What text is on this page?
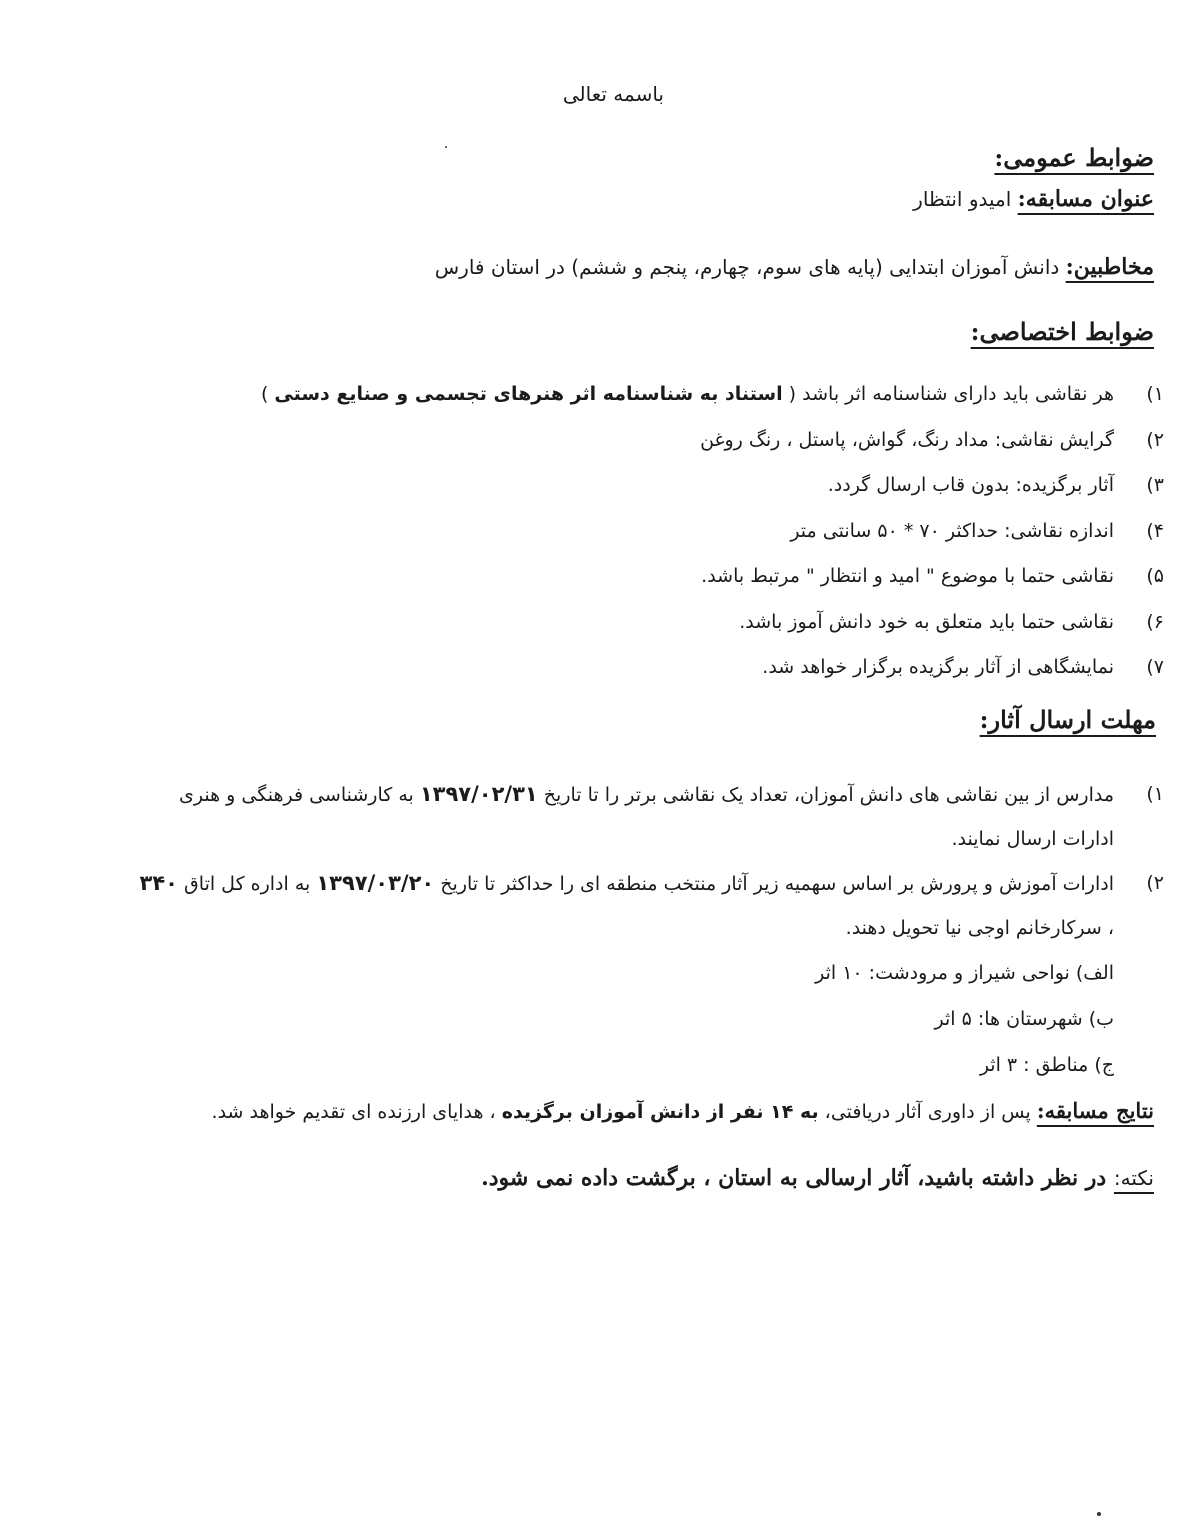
باسمه تعالی
ضوابط عمومی:
عنوان مسابقه: امیدو انتظار
مخاطبین: دانش آموزان ابتدایی (پایه های سوم، چهارم، پنجم و ششم) در استان فارس
ضوابط اختصاصی:
۱)
هر نقاشی باید دارای شناسنامه اثر باشد ( استناد به شناسنامه اثر هنرهای تجسمی و صنایع دستی )
۲)
گرایش نقاشی: مداد رنگ، گواش، پاستل ، رنگ روغن
۳)
آثار برگزیده: بدون قاب ارسال گردد.
۴)
اندازه نقاشی: حداکثر ۷۰ * ۵۰ سانتی متر
۵)
نقاشی حتما با موضوع " امید و انتظار " مرتبط باشد.
۶)
نقاشی حتما باید متعلق به خود دانش آموز باشد.
۷)
نمایشگاهی از آثار برگزیده برگزار خواهد شد.
مهلت ارسال آثار:

۱)
مدارس از بین نقاشی های دانش آموزان، تعداد یک نقاشی برتر را تا تاریخ ۱۳۹۷/۰۲/۳۱ به کارشناسی فرهنگی و هنری

ادارات ارسال نمایند.

۲)
ادارات آموزش و پرورش بر اساس سهمیه زیر آثار منتخب منطقه ای را حداکثر تا تاریخ ۱۳۹۷/۰۳/۲۰ به اداره کل اتاق ۳۴۰

، سرکارخانم اوجی نیا تحویل دهند.

الف) نواحی شیراز و مرودشت: ۱۰ اثر

ب) شهرستان ها: ۵ اثر

ج) مناطق : ۳ اثر

نتایج مسابقه: پس از داوری آثار دریافتی، به ۱۴ نفر از دانش آموزان برگزیده ، هدایای ارزنده ای تقدیم خواهد شد.
نکته: در نظر داشته باشید، آثار ارسالی به استان ، برگشت داده نمی شود.
